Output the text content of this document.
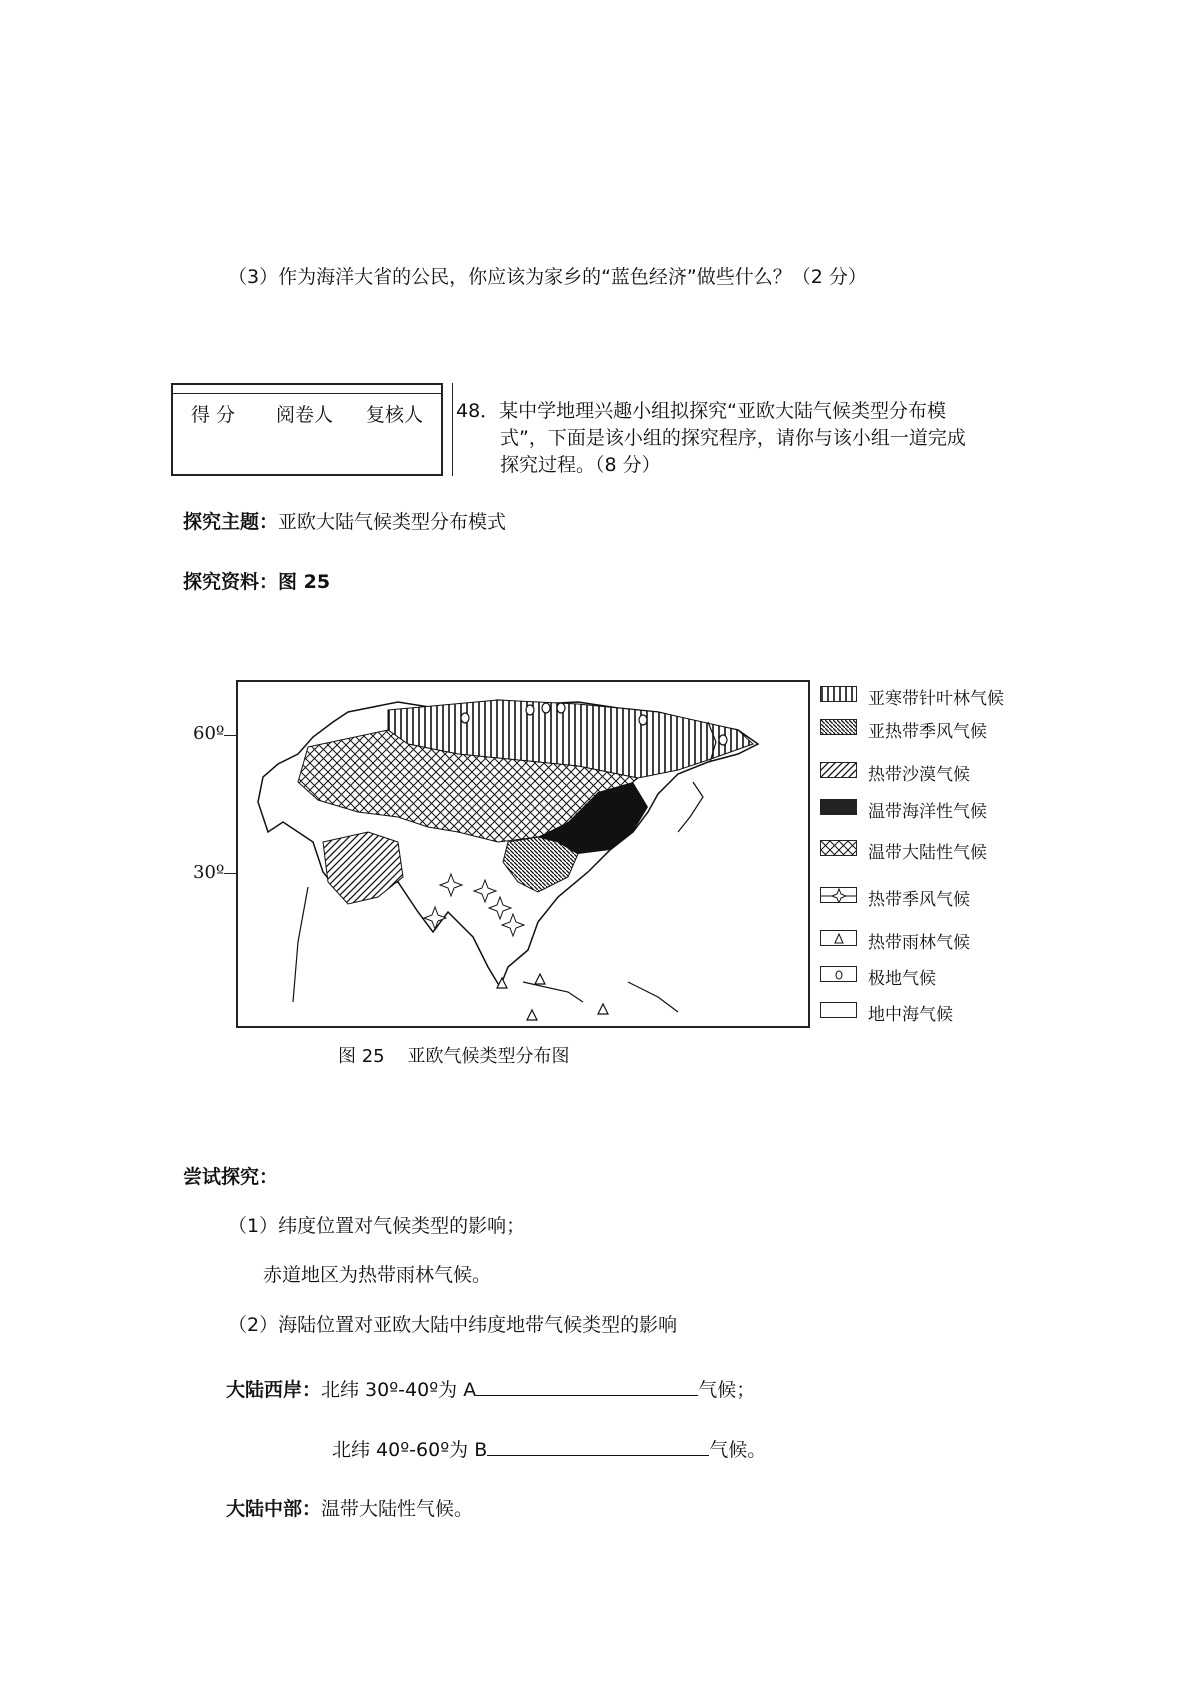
（3）作为海洋大省的公民，你应该为家乡的“蓝色经济”做些什么？（2 分）
得 分 阅卷人 复核人 48．某中学地理兴趣小组拟探究“亚欧大陆气候类型分布模
式”，下面是该小组的探究程序，请你与该小组一道完成
探究过程。（8 分）
探究主题：亚欧大陆气候类型分布模式
探究资料：图 25
60º
30º
亚寒带针叶林气候
亚热带季风气候
热带沙漠气候
温带海洋性气候
温带大陆性气候
热带季风气候
热带雨林气候
极地气候
地中海气候
图 25    亚欧气候类型分布图
尝试探究：
（1）纬度位置对气候类型的影响；
赤道地区为热带雨林气候。
（2）海陆位置对亚欧大陆中纬度地带气候类型的影响
大陆西岸：北纬 30º-40º为 A	气候；
北纬 40º-60º为 B	气候。
大陆中部：温带大陆性气候。
